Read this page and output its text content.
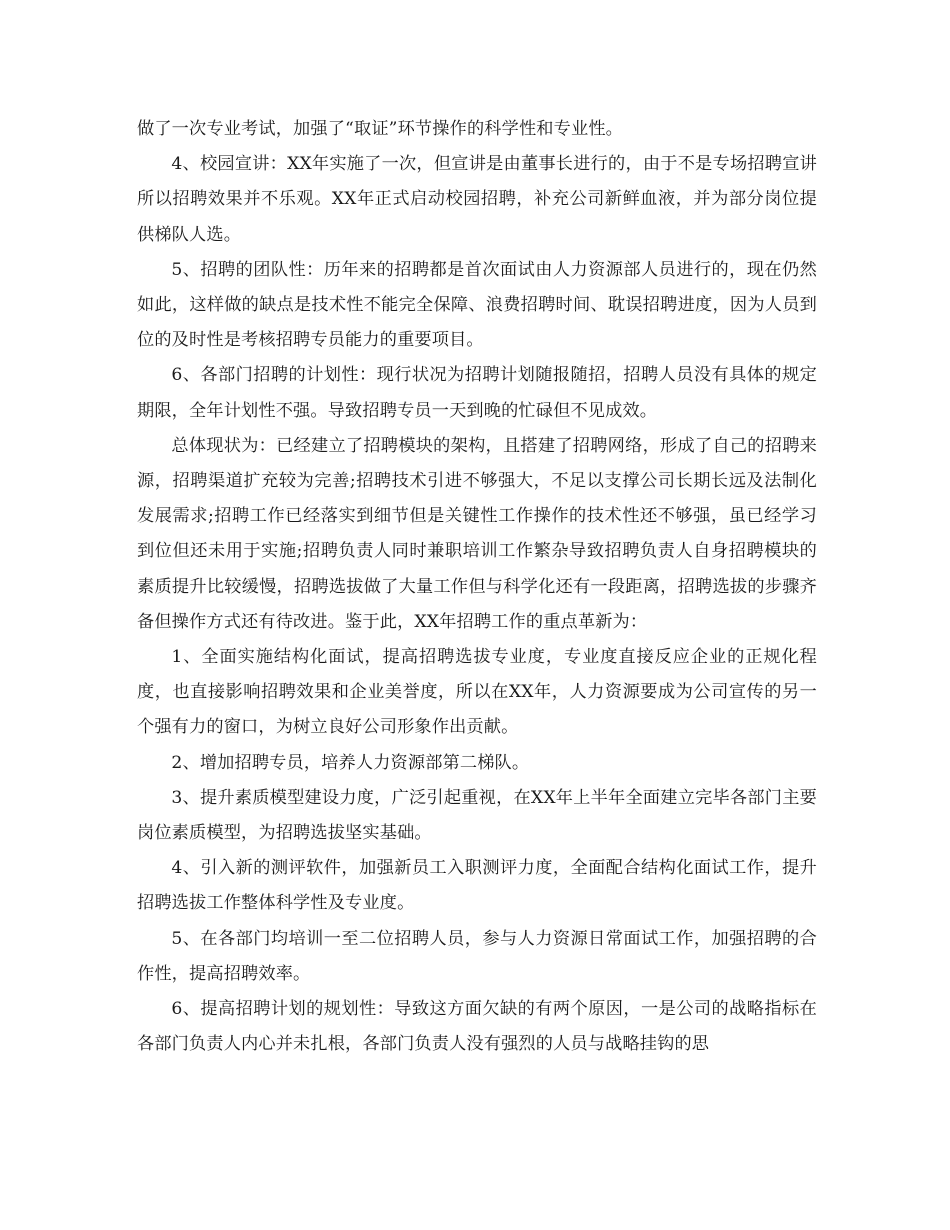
做了一次专业考试，加强了“取证”环节操作的科学性和专业性。

4、校园宣讲：XX年实施了一次，但宣讲是由董事长进行的，由于不是专场招聘宣讲所以招聘效果并不乐观。XX年正式启动校园招聘，补充公司新鲜血液，并为部分岗位提供梯队人选。

5、招聘的团队性：历年来的招聘都是首次面试由人力资源部人员进行的，现在仍然如此，这样做的缺点是技术性不能完全保障、浪费招聘时间、耽误招聘进度，因为人员到位的及时性是考核招聘专员能力的重要项目。

6、各部门招聘的计划性：现行状况为招聘计划随报随招，招聘人员没有具体的规定期限，全年计划性不强。导致招聘专员一天到晚的忙碌但不见成效。

总体现状为：已经建立了招聘模块的架构，且搭建了招聘网络，形成了自己的招聘来源，招聘渠道扩充较为完善;招聘技术引进不够强大，不足以支撑公司长期长远及法制化发展需求;招聘工作已经落实到细节但是关键性工作操作的技术性还不够强，虽已经学习到位但还未用于实施;招聘负责人同时兼职培训工作繁杂导致招聘负责人自身招聘模块的素质提升比较缓慢，招聘选拔做了大量工作但与科学化还有一段距离，招聘选拔的步骤齐备但操作方式还有待改进。鉴于此，XX年招聘工作的重点革新为：

1、全面实施结构化面试，提高招聘选拔专业度，专业度直接反应企业的正规化程度，也直接影响招聘效果和企业美誉度，所以在XX年，人力资源要成为公司宣传的另一个强有力的窗口，为树立良好公司形象作出贡献。

2、增加招聘专员，培养人力资源部第二梯队。

3、提升素质模型建设力度，广泛引起重视，在XX年上半年全面建立完毕各部门主要岗位素质模型，为招聘选拔坚实基础。

4、引入新的测评软件，加强新员工入职测评力度，全面配合结构化面试工作，提升招聘选拔工作整体科学性及专业度。

5、在各部门均培训一至二位招聘人员，参与人力资源日常面试工作，加强招聘的合作性，提高招聘效率。

6、提高招聘计划的规划性：导致这方面欠缺的有两个原因，一是公司的战略指标在各部门负责人内心并未扎根，各部门负责人没有强烈的人员与战略挂钩的思
